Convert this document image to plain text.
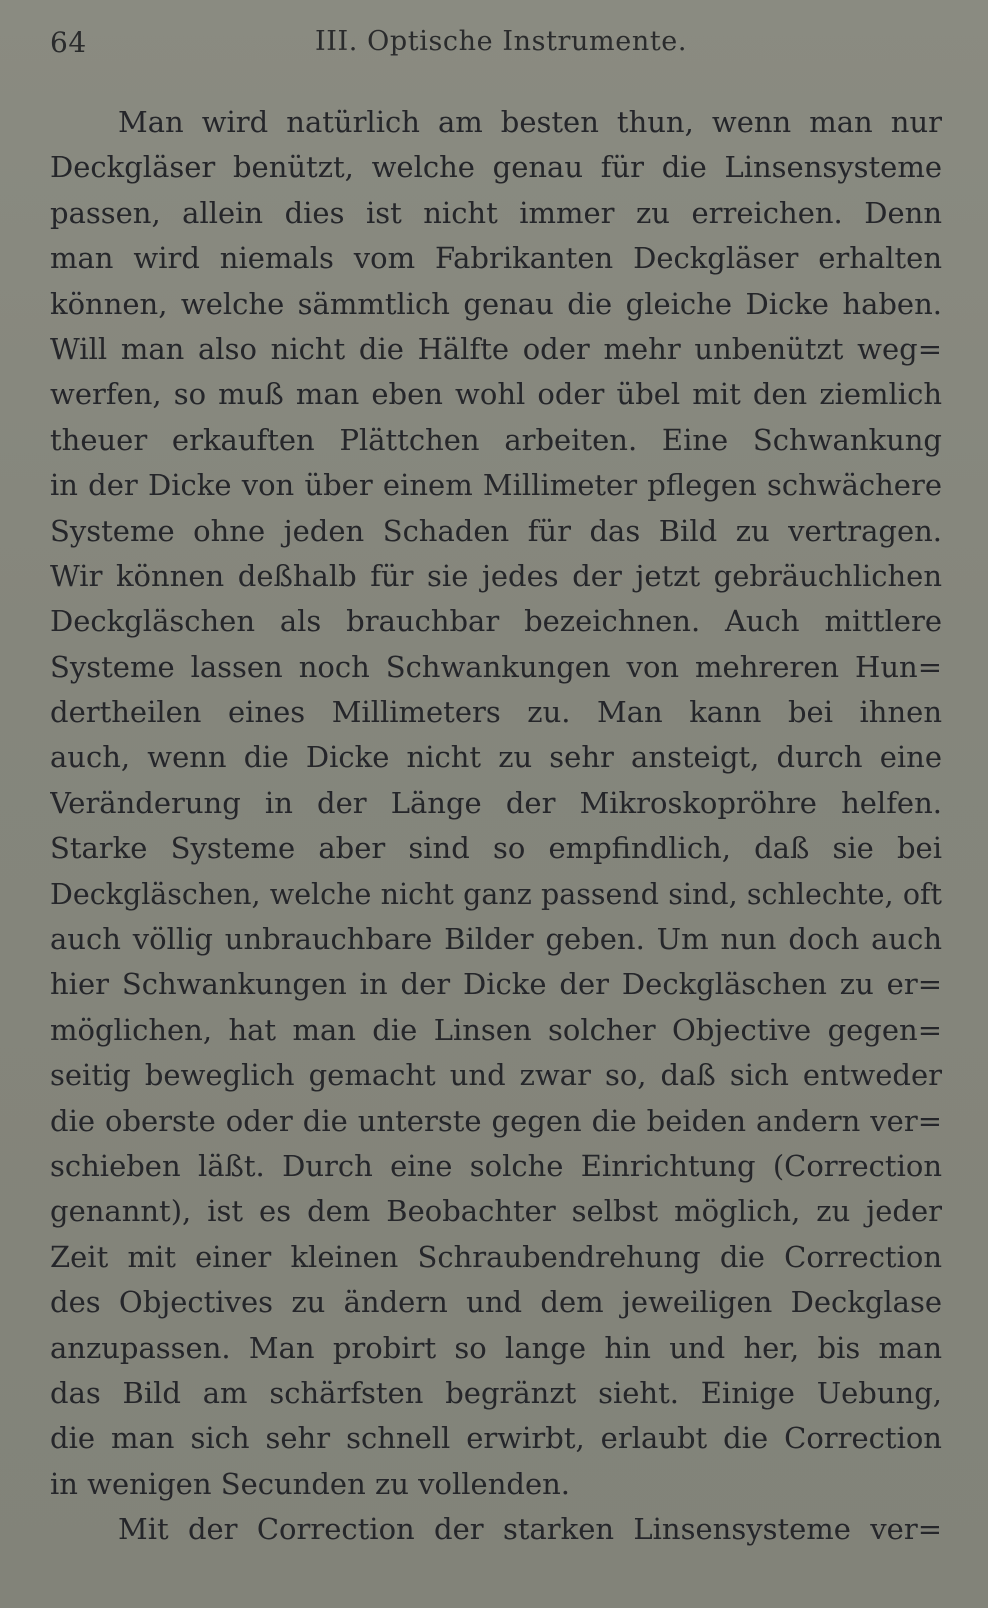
64	III. Optische Instrumente.
Man wird natürlich am besten thun, wenn man nur
Deckgläser benützt, welche genau für die Linsensysteme
passen, allein dies ist nicht immer zu erreichen. Denn
man wird niemals vom Fabrikanten Deckgläser erhalten
können, welche sämmtlich genau die gleiche Dicke haben.
Will man also nicht die Hälfte oder mehr unbenützt weg=
werfen, so muß man eben wohl oder übel mit den ziemlich
theuer erkauften Plättchen arbeiten. Eine Schwankung
in der Dicke von über einem Millimeter pflegen schwächere
Systeme ohne jeden Schaden für das Bild zu vertragen.
Wir können deßhalb für sie jedes der jetzt gebräuchlichen
Deckgläschen als brauchbar bezeichnen. Auch mittlere
Systeme lassen noch Schwankungen von mehreren Hun=
dertheilen eines Millimeters zu. Man kann bei ihnen
auch, wenn die Dicke nicht zu sehr ansteigt, durch eine
Veränderung in der Länge der Mikroskopröhre helfen.
Starke Systeme aber sind so empfindlich, daß sie bei
Deckgläschen, welche nicht ganz passend sind, schlechte, oft
auch völlig unbrauchbare Bilder geben. Um nun doch auch
hier Schwankungen in der Dicke der Deckgläschen zu er=
möglichen, hat man die Linsen solcher Objective gegen=
seitig beweglich gemacht und zwar so, daß sich entweder
die oberste oder die unterste gegen die beiden andern ver=
schieben läßt. Durch eine solche Einrichtung (Correction
genannt), ist es dem Beobachter selbst möglich, zu jeder
Zeit mit einer kleinen Schraubendrehung die Correction
des Objectives zu ändern und dem jeweiligen Deckglase
anzupassen. Man probirt so lange hin und her, bis man
das Bild am schärfsten begränzt sieht. Einige Uebung,
die man sich sehr schnell erwirbt, erlaubt die Correction
in wenigen Secunden zu vollenden.
Mit der Correction der starken Linsensysteme ver=
